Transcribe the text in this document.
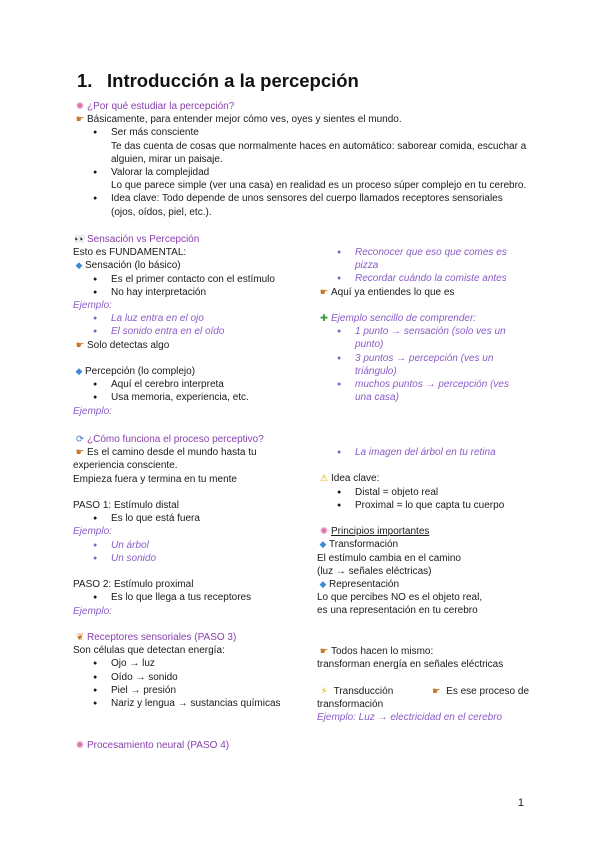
1. Introducción a la percepción
✺ ¿Por qué estudiar la percepción?
☛ Básicamente, para entender mejor cómo ves, oyes y sientes el mundo.
● Ser más consciente
Te das cuenta de cosas que normalmente haces en automático: saborear comida, escuchar a
alguien, mirar un paisaje.
● Valorar la complejidad
Lo que parece simple (ver una casa) en realidad es un proceso súper complejo en tu cerebro.
● Idea clave: Todo depende de unos sensores del cuerpo llamados receptores sensoriales
(ojos, oídos, piel, etc.).
👀Sensación vs Percepción
Esto es FUNDAMENTAL:
◆ Sensación (lo básico)
● Es el primer contacto con el estímulo
● No hay interpretación
Ejemplo:
● La luz entra en el ojo
● El sonido entra en el oído
☛ Solo detectas algo
◆ Percepción (lo complejo)
● Aquí el cerebro interpreta
● Usa memoria, experiencia, etc.
Ejemplo:
● Reconocer que eso que comes es
pizza
● Recordar cuándo la comiste antes
☛ Aquí ya entiendes lo que es
✚ Ejemplo sencillo de comprender:
● 1 punto → sensación (solo ves un
punto)
● 3 puntos → percepción (ves un
triángulo)
● muchos puntos → percepción (ves
una casa)
⟳ ¿Cómo funciona el proceso perceptivo?
☛ Es el camino desde el mundo hasta tu
experiencia consciente.
Empieza fuera y termina en tu mente
PASO 1: Estímulo distal
● Es lo que está fuera
Ejemplo:
● Un árbol
● Un sonido
PASO 2: Estímulo proximal
● Es lo que llega a tus receptores
Ejemplo:
● La imagen del árbol en tu retina
⚠ Idea clave:
● Distal = objeto real
● Proximal = lo que capta tu cuerpo
✺ Principios importantes
◆ Transformación
El estímulo cambia en el camino
(luz → señales eléctricas)
◆ Representación
Lo que percibes NO es el objeto real,
es una representación en tu cerebro
❦ Receptores sensoriales (PASO 3)
Son células que detectan energía:
● Ojo → luz
● Oído → sonido
● Piel → presión
● Nariz y lengua → sustancias químicas
☛ Todos hacen lo mismo:
transforman energía en señales eléctricas
⚡ Transducción	☛ Es ese proceso de
transformación
Ejemplo: Luz → electricidad en el cerebro
✺ Procesamiento neural (PASO 4)
1
